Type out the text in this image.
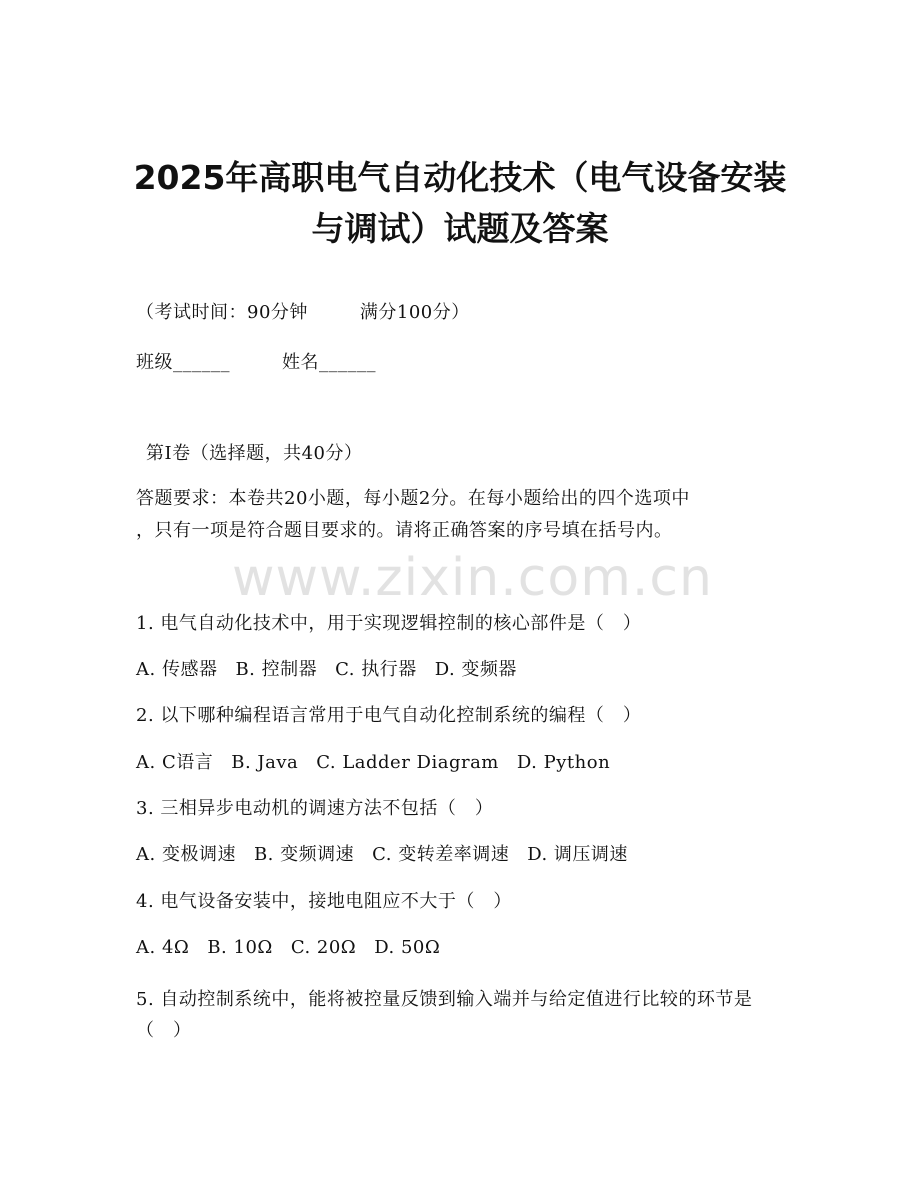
2025年高职电气自动化技术（电气设备安装
与调试）试题及答案
（考试时间：90分钟	满分100分）
班级______	姓名______
第Ⅰ卷（选择题，共40分）
答题要求：本卷共20小题，每小题2分。在每小题给出的四个选项中
，只有一项是符合题目要求的。请将正确答案的序号填在括号内。
www.zixin.com.cn
1. 电气自动化技术中，用于实现逻辑控制的核心部件是（　）
A. 传感器 B. 控制器 C. 执行器 D. 变频器
2. 以下哪种编程语言常用于电气自动化控制系统的编程（　）
A. C语言 B. Java C. Ladder Diagram D. Python
3. 三相异步电动机的调速方法不包括（　）
A. 变极调速 B. 变频调速 C. 变转差率调速 D. 调压调速
4. 电气设备安装中，接地电阻应不大于（　）
A. 4Ω B. 10Ω C. 20Ω D. 50Ω
5. 自动控制系统中，能将被控量反馈到输入端并与给定值进行比较的环节是（　）
